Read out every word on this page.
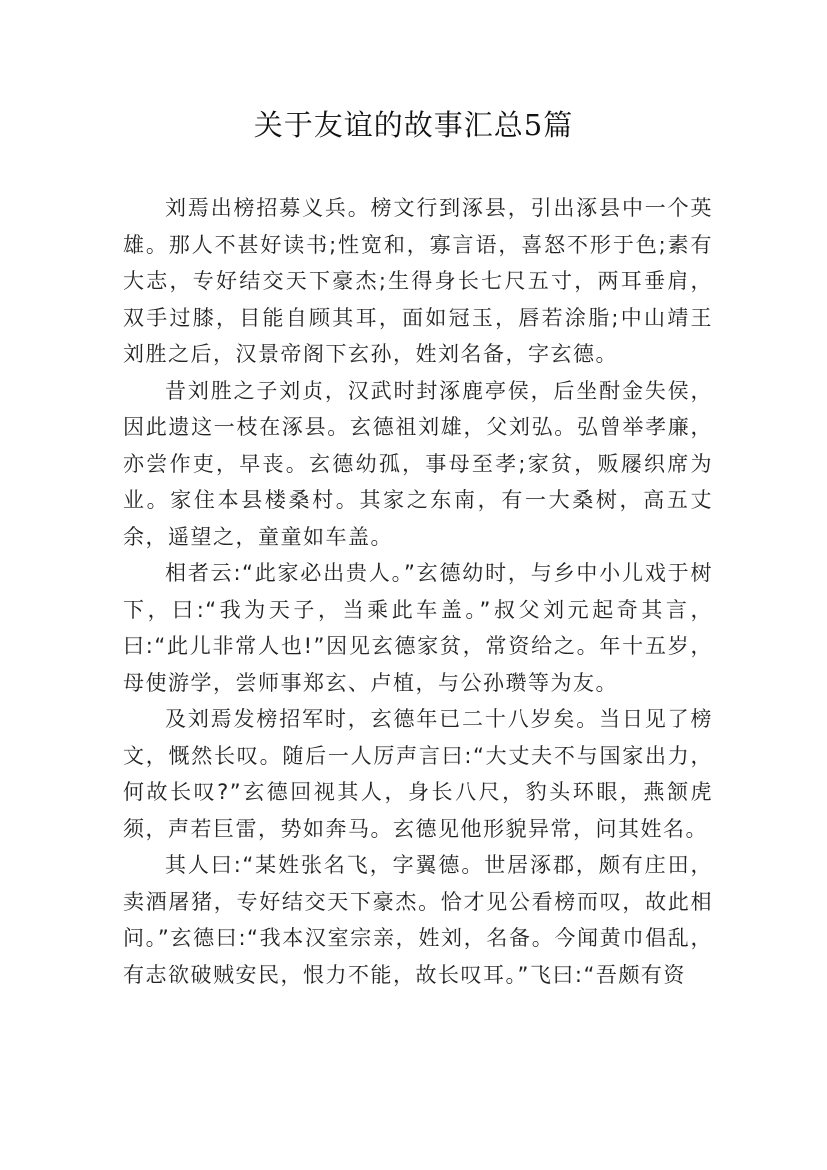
关于友谊的故事汇总5篇

刘焉出榜招募义兵。榜文行到涿县，引出涿县中一个英雄。那人不甚好读书;性宽和，寡言语，喜怒不形于色;素有大志，专好结交天下豪杰;生得身长七尺五寸，两耳垂肩，双手过膝，目能自顾其耳，面如冠玉，唇若涂脂;中山靖王刘胜之后，汉景帝阁下玄孙，姓刘名备，字玄德。

昔刘胜之子刘贞，汉武时封涿鹿亭侯，后坐酎金失侯，因此遗这一枝在涿县。玄德祖刘雄，父刘弘。弘曾举孝廉，亦尝作吏，早丧。玄德幼孤，事母至孝;家贫，贩屦织席为业。家住本县楼桑村。其家之东南，有一大桑树，高五丈余，遥望之，童童如车盖。

相者云:“此家必出贵人。”玄德幼时，与乡中小儿戏于树下，曰:“我为天子，当乘此车盖。”叔父刘元起奇其言，曰:“此儿非常人也!”因见玄德家贫，常资给之。年十五岁，母使游学，尝师事郑玄、卢植，与公孙瓒等为友。

及刘焉发榜招军时，玄德年已二十八岁矣。当日见了榜文，慨然长叹。随后一人厉声言曰:“大丈夫不与国家出力，何故长叹?”玄德回视其人，身长八尺，豹头环眼，燕颔虎须，声若巨雷，势如奔马。玄德见他形貌异常，问其姓名。

其人曰:“某姓张名飞，字翼德。世居涿郡，颇有庄田，卖酒屠猪，专好结交天下豪杰。恰才见公看榜而叹，故此相问。”玄德曰:“我本汉室宗亲，姓刘，名备。今闻黄巾倡乱，有志欲破贼安民，恨力不能，故长叹耳。”飞曰:“吾颇有资
